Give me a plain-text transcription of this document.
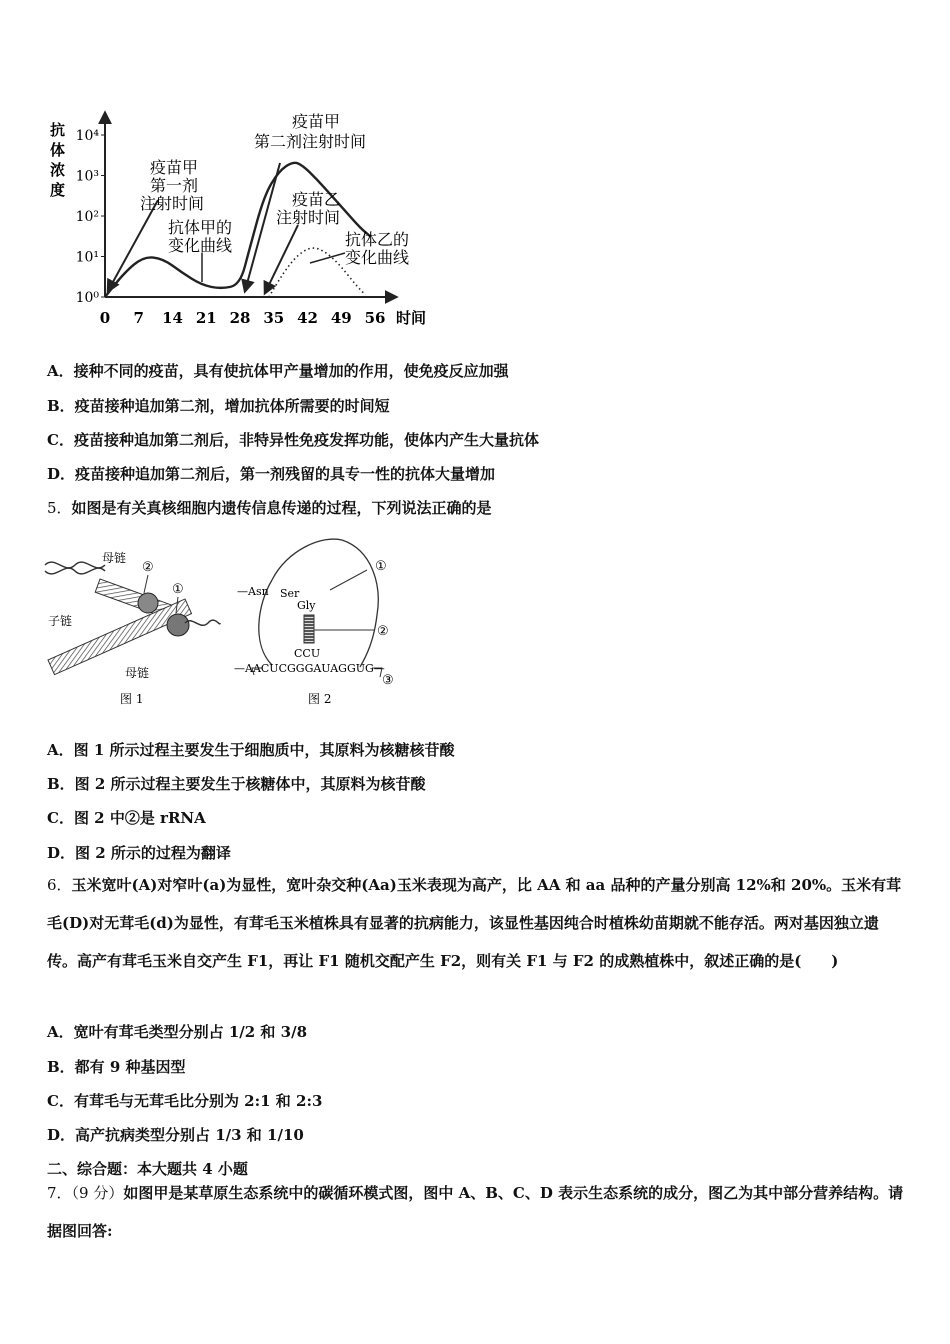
抗
体
浓
度
时间
0 7 14 21 28 35 42 49 56
10⁰
10¹
10²
10³
10⁴
疫苗甲
第一剂
注射时间
抗体甲的
变化曲线
疫苗甲
第二剂注射时间
疫苗乙
注射时间
抗体乙的
变化曲线
A．接种不同的疫苗，具有使抗体甲产量增加的作用，使免疫反应加强
B．疫苗接种追加第二剂，增加抗体所需要的时间短
C．疫苗接种追加第二剂后，非特异性免疫发挥功能，使体内产生大量抗体
D．疫苗接种追加第二剂后，第一剂残留的具专一性的抗体大量增加
5．如图是有关真核细胞内遗传信息传递的过程，下列说法正确的是
母链
子链
母链
②
①
图 1
—Asn Ser
Gly
CCU
—AACUCGGGAUAGGUG—
①
②
③
图 2
A．图 1 所示过程主要发生于细胞质中，其原料为核糖核苷酸
B．图 2 所示过程主要发生于核糖体中，其原料为核苷酸
C．图 2 中②是 rRNA
D．图 2 所示的过程为翻译
6．玉米宽叶(A)对窄叶(a)为显性，宽叶杂交种(Aa)玉米表现为高产，比 AA 和 aa 品种的产量分别高 12%和 20%。玉米有茸毛(D)对无茸毛(d)为显性，有茸毛玉米植株具有显著的抗病能力，该显性基因纯合时植株幼苗期就不能存活。两对基因独立遗传。高产有茸毛玉米自交产生 F1，再让 F1 随机交配产生 F2，则有关 F1 与 F2 的成熟植株中，叙述正确的是(　　)
A．宽叶有茸毛类型分别占 1/2 和 3/8
B．都有 9 种基因型
C．有茸毛与无茸毛比分别为 2:1 和 2:3
D．高产抗病类型分别占 1/3 和 1/10
二、综合题：本大题共 4 小题
7．（9 分）如图甲是某草原生态系统中的碳循环模式图，图中 A、B、C、D 表示生态系统的成分，图乙为其中部分营养结构。请据图回答:
